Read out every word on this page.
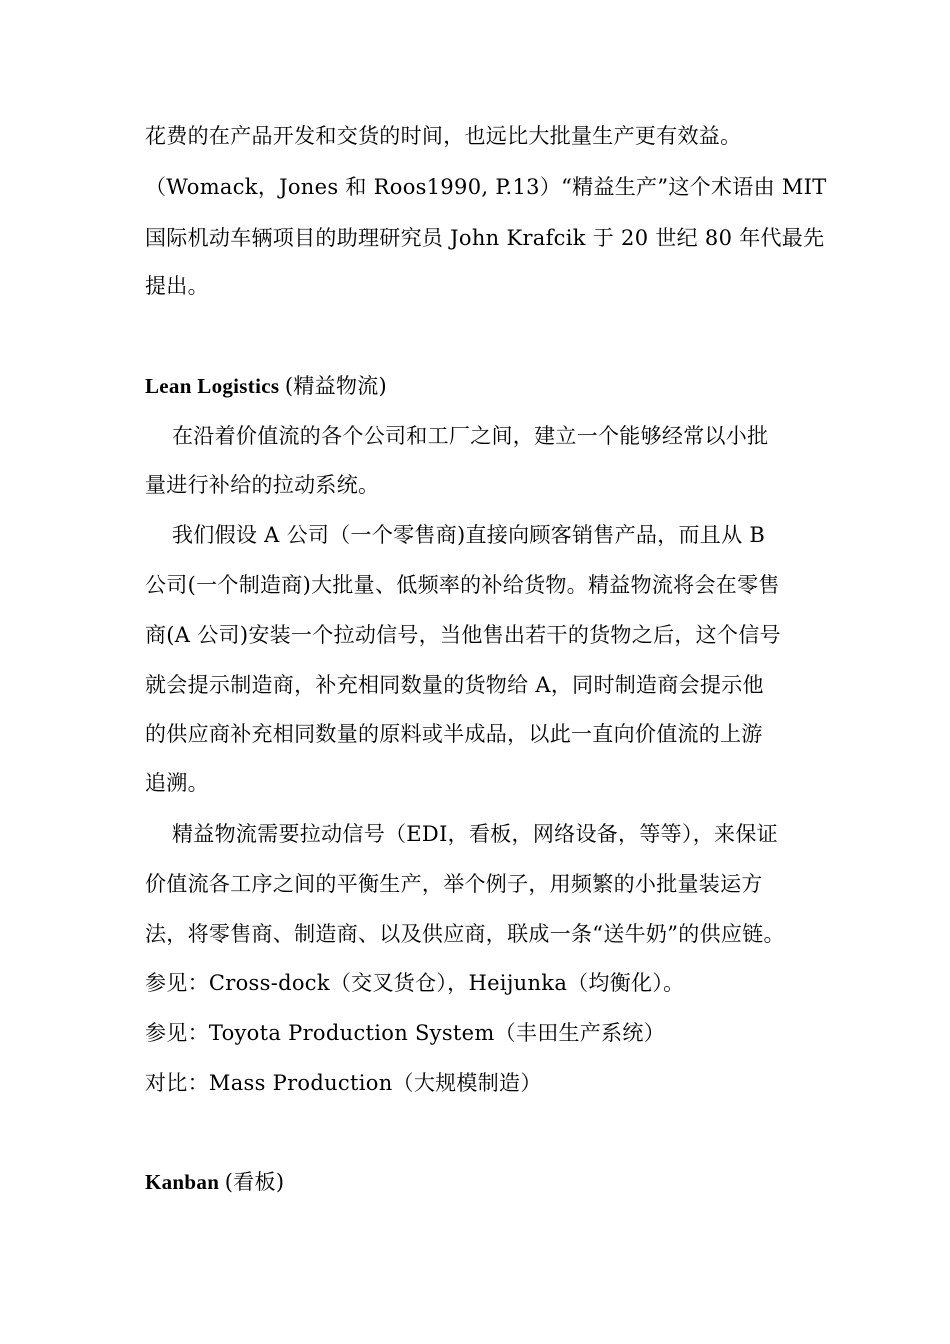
花费的在产品开发和交货的时间，也远比大批量生产更有效益。
（Womack，Jones 和 Roos1990, P.13）“精益生产”这个术语由 MIT
国际机动车辆项目的助理研究员 John Krafcik 于 20 世纪 80 年代最先
提出。
Lean Logistics (精益物流)
在沿着价值流的各个公司和工厂之间，建立一个能够经常以小批
量进行补给的拉动系统。
我们假设 A 公司（一个零售商)直接向顾客销售产品，而且从 B
公司(一个制造商)大批量、低频率的补给货物。精益物流将会在零售
商(A 公司)安装一个拉动信号，当他售出若干的货物之后，这个信号
就会提示制造商，补充相同数量的货物给 A，同时制造商会提示他
的供应商补充相同数量的原料或半成品，以此一直向价值流的上游
追溯。
精益物流需要拉动信号（EDI，看板，网络设备，等等），来保证
价值流各工序之间的平衡生产，举个例子，用频繁的小批量装运方
法，将零售商、制造商、以及供应商，联成一条“送牛奶”的供应链。
参见：Cross-dock（交叉货仓），Heijunka（均衡化）。
参见：Toyota Production System（丰田生产系统）
对比：Mass Production（大规模制造）
Kanban (看板)
